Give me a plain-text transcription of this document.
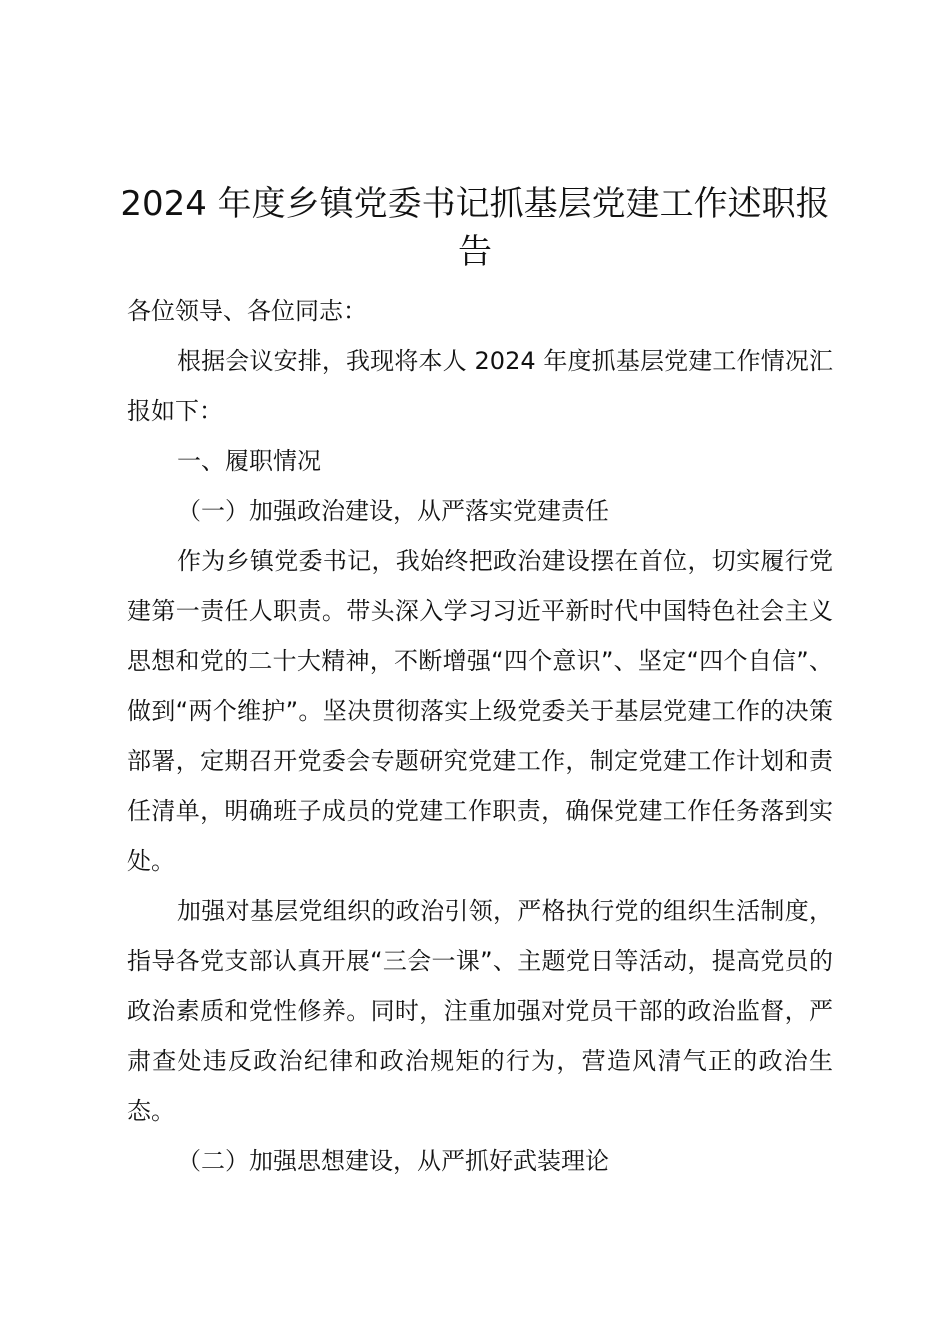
2024 年度乡镇党委书记抓基层党建工作述职报告

各位领导、各位同志：

根据会议安排，我现将本人 2024 年度抓基层党建工作情况汇报如下：

一、履职情况

（一）加强政治建设，从严落实党建责任

作为乡镇党委书记，我始终把政治建设摆在首位，切实履行党建第一责任人职责。带头深入学习习近平新时代中国特色社会主义思想和党的二十大精神，不断增强“四个意识”、坚定“四个自信”、做到“两个维护”。坚决贯彻落实上级党委关于基层党建工作的决策部署，定期召开党委会专题研究党建工作，制定党建工作计划和责任清单，明确班子成员的党建工作职责，确保党建工作任务落到实处。

加强对基层党组织的政治引领，严格执行党的组织生活制度，指导各党支部认真开展“三会一课”、主题党日等活动，提高党员的政治素质和党性修养。同时，注重加强对党员干部的政治监督，严肃查处违反政治纪律和政治规矩的行为，营造风清气正的政治生态。

（二）加强思想建设，从严抓好武装理论
